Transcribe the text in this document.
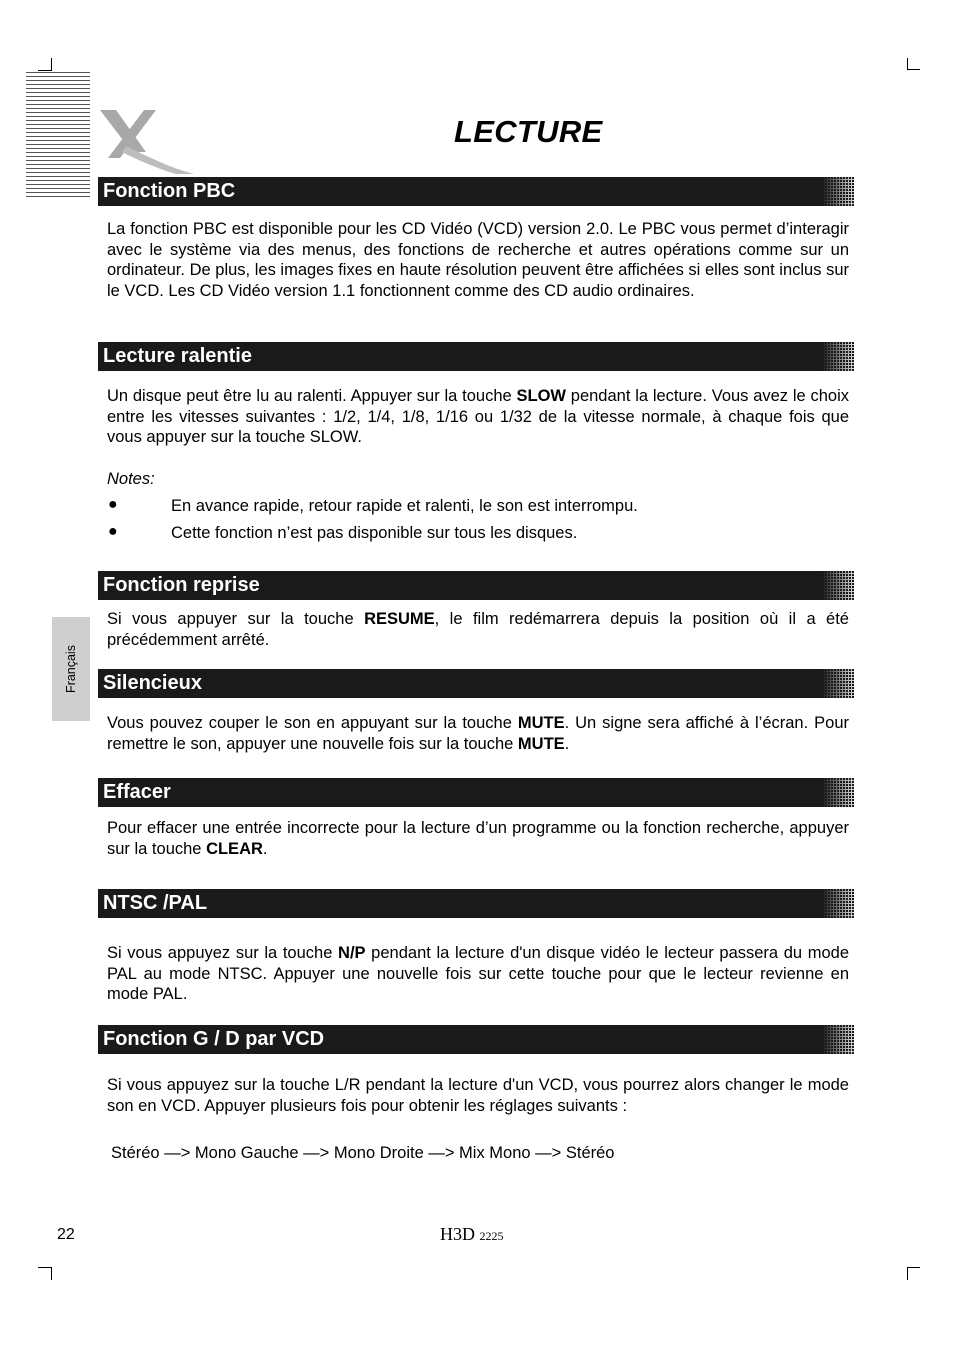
LECTURE
Français
Fonction PBC
La fonction PBC est disponible pour les CD Vidéo (VCD) version 2.0. Le PBC vous permet d’interagir avec le système via des menus, des fonctions de recherche et autres opérations comme sur un ordinateur. De plus, les images fixes en haute résolution peuvent être affichées si elles sont inclus sur le VCD. Les CD Vidéo version 1.1 fonctionnent comme des CD audio ordinaires.
Lecture ralentie
Un disque peut être lu au ralenti. Appuyer sur la touche SLOW pendant la lecture. Vous avez le choix entre les vitesses suivantes : 1/2, 1/4, 1/8, 1/16 ou 1/32 de la vitesse normale, à chaque fois que vous appuyer sur la touche SLOW.
Notes:
●	En avance rapide, retour rapide et ralenti, le son est interrompu.
●	Cette fonction n’est pas disponible sur tous les disques.
Fonction reprise
Si vous appuyer sur la touche RESUME, le film redémarrera depuis la position où il a été précédemment arrêté.
Silencieux
Vous pouvez couper le son en appuyant sur la touche MUTE. Un signe sera affiché à l’écran. Pour remettre le son, appuyer une nouvelle fois sur la touche MUTE.
Effacer
Pour effacer une entrée incorrecte pour la lecture d’un programme ou la fonction recherche, appuyer sur la touche CLEAR.
NTSC /PAL
Si vous appuyez sur la touche N/P pendant la lecture d'un disque vidéo le lecteur passera du mode PAL au mode NTSC. Appuyer une nouvelle fois sur cette touche pour que le lecteur revienne en mode PAL.
Fonction G / D par VCD
Si vous appuyez sur la touche L/R pendant la lecture d'un VCD, vous pourrez alors changer le mode son en VCD. Appuyer plusieurs fois pour obtenir les réglages suivants :
Stéréo —> Mono Gauche —> Mono Droite —> Mix Mono —> Stéréo
22	H3D 2225
